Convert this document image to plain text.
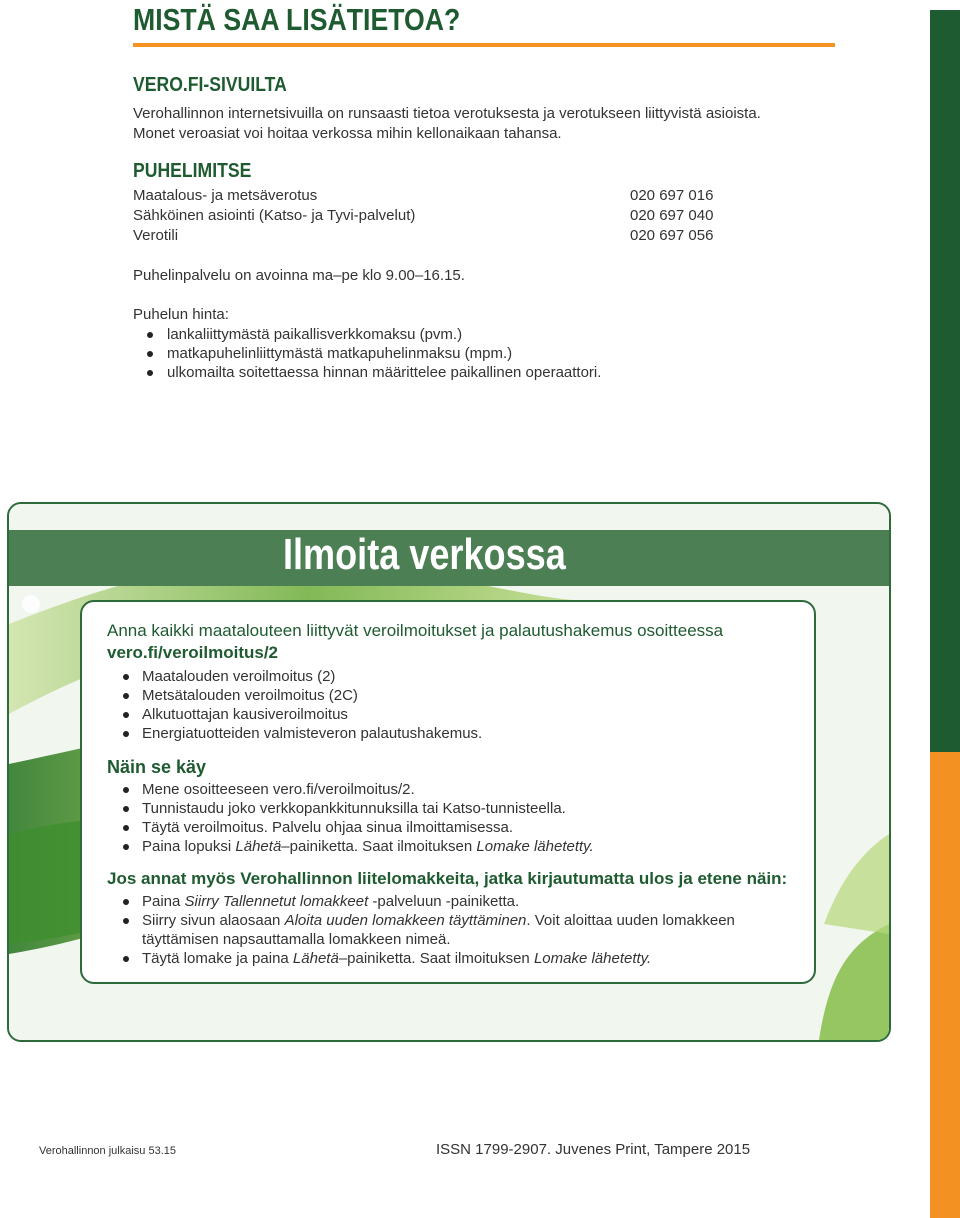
MISTÄ SAA LISÄTIETOA?
VERO.FI-SIVUILTA

Verohallinnon internetsivuilla on runsaasti tietoa verotuksesta ja verotukseen liittyvistä asioista.

Monet veroasiat voi hoitaa verkossa mihin kellonaikaan tahansa.

PUHELIMITSE
Maatalous- ja metsäverotus	020 697 016
Sähköinen asiointi (Katso- ja Tyvi-palvelut)	020 697 040
Verotili	020 697 056

Puhelinpalvelu on avoinna ma–pe klo 9.00–16.15.

Puhelun hinta:

lankaliittymästä paikallisverkkomaksu (pvm.)
matkapuhelinliittymästä matkapuhelinmaksu (mpm.)
ulkomailta soitettaessa hinnan määrittelee paikallinen operaattori.
Ilmoita verkossa

Anna kaikki maatalouteen liittyvät veroilmoitukset ja palautushakemus osoitteessa
vero.fi/veroilmoitus/2

Maatalouden veroilmoitus (2)
Metsätalouden veroilmoitus (2C)
Alkutuottajan kausiveroilmoitus
Energiatuotteiden valmisteveron palautushakemus.
Näin se käy
Mene osoitteeseen vero.fi/veroilmoitus/2.
Tunnistaudu joko verkkopankkitunnuksilla tai Katso-tunnisteella.
Täytä veroilmoitus. Palvelu ohjaa sinua ilmoittamisessa.
Paina lopuksi Lähetä–painiketta. Saat ilmoituksen Lomake lähetetty.
Jos annat myös Verohallinnon liitelomakkeita, jatka kirjautumatta ulos ja etene näin:
Paina Siirry Tallennetut lomakkeet -palveluun -painiketta.
Siirry sivun alaosaan Aloita uuden lomakkeen täyttäminen. Voit aloittaa uuden lomakkeen täyttämisen napsauttamalla lomakkeen nimeä.
Täytä lomake ja paina Lähetä–painiketta. Saat ilmoituksen Lomake lähetetty.
Verohallinnon julkaisu 53.15	ISSN 1799-2907. Juvenes Print, Tampere 2015
